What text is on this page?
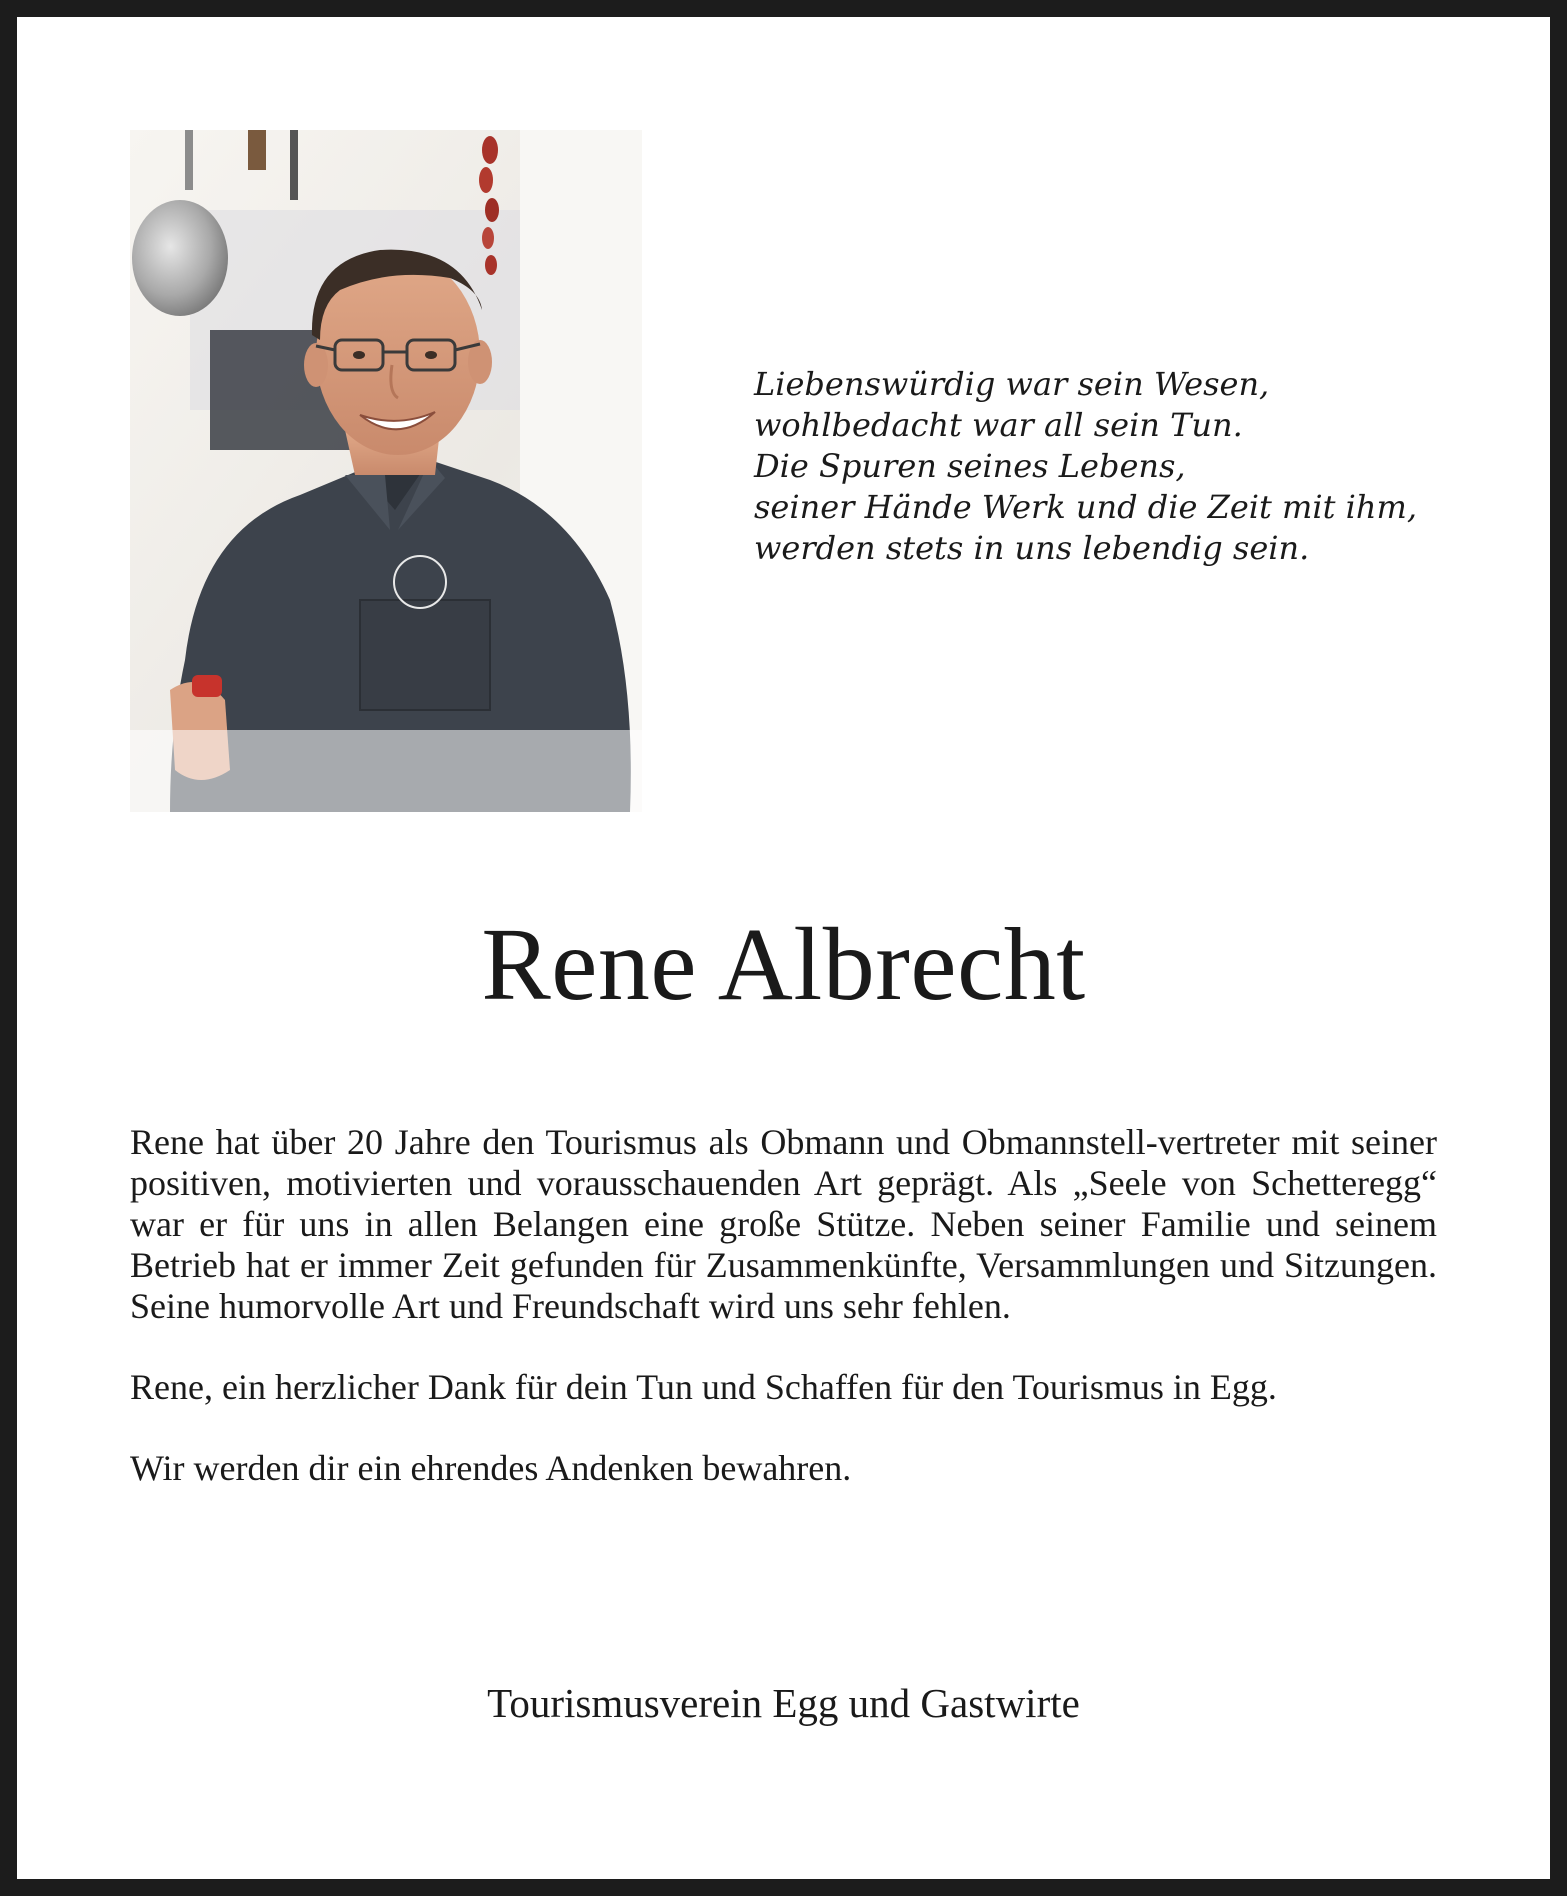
Liebenswürdig war sein Wesen,
wohlbedacht war all sein Tun.
Die Spuren seines Lebens,
seiner Hände Werk und die Zeit mit ihm,
werden stets in uns lebendig sein.
Rene Albrecht

Rene hat über 20 Jahre den Tourismus als Obmann und Obmannstell-vertreter mit seiner positiven, motivierten und vorausschauenden Art geprägt. Als „Seele von Schetteregg“ war er für uns in allen Belangen eine große Stütze. Neben seiner Familie und seinem Betrieb hat er immer Zeit gefunden für Zusammenkünfte, Versammlungen und Sitzungen. Seine humorvolle Art und Freundschaft wird uns sehr fehlen.

Rene, ein herzlicher Dank für dein Tun und Schaffen für den Tourismus in Egg.

Wir werden dir ein ehrendes Andenken bewahren.

Tourismusverein Egg und Gastwirte
